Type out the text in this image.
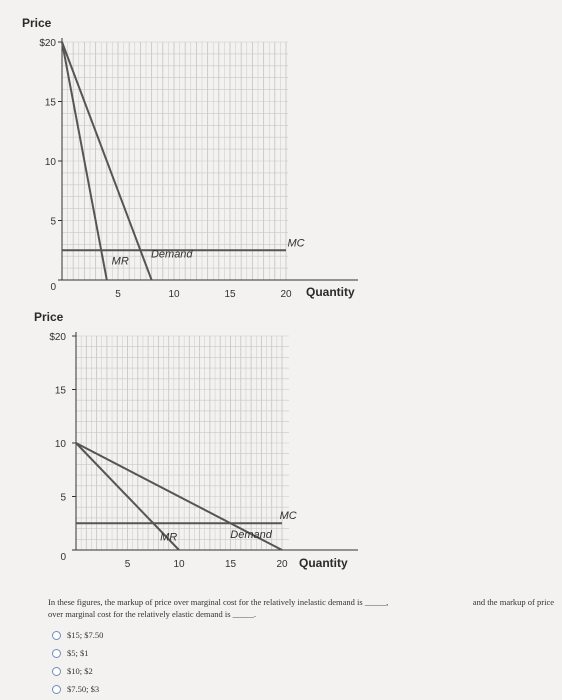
$20
15
10
5
0
5	10	15	20
Price
Quantity
MC
MR
Demand
$20
15
10
5
0
5	10	15	20
Price
Quantity
MC
MR	Demand
In these figures, the markup of price over marginal cost for the relatively inelastic demand is _____,	and the markup of price
over marginal cost for the relatively elastic demand is _____.
$15; $7.50
$5; $1
$10; $2
$7.50; $3
